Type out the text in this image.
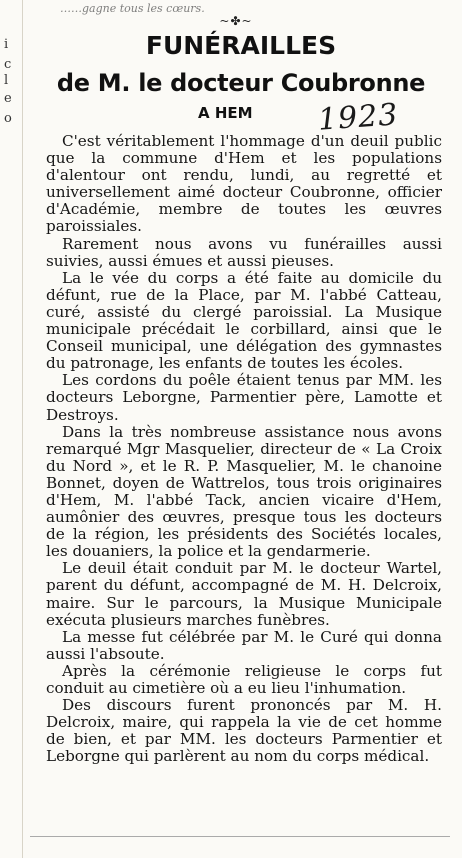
i
c
l
e
o
……gagne tous les cœurs.
~✤~
FUNÉRAILLES
de M. le docteur Coubronne
A HEM 1923

C'est véritablement l'hommage d'un deuil public que la commune d'Hem et les populations d'alentour ont rendu, lundi, au regretté et universellement aimé docteur Coubronne, officier d'Académie, membre de toutes les œuvres paroissiales.

Rarement nous avons vu funérailles aussi suivies, aussi émues et aussi pieuses.

La le vée du corps a été faite au domicile du défunt, rue de la Place, par M. l'abbé Catteau, curé, assisté du clergé paroissial. La Musique municipale précédait le corbillard, ainsi que le Conseil municipal, une délégation des gymnastes du patronage, les enfants de toutes les écoles.

Les cordons du poêle étaient tenus par MM. les docteurs Leborgne, Parmentier père, Lamotte et Destroys.

Dans la très nombreuse assistance nous avons remarqué Mgr Masquelier, directeur de « La Croix du Nord », et le R. P. Masquelier, M. le chanoine Bonnet, doyen de Wattrelos, tous trois originaires d'Hem, M. l'abbé Tack, ancien vicaire d'Hem, aumônier des œuvres, presque tous les docteurs de la région, les présidents des Sociétés locales, les douaniers, la police et la gendarmerie.

Le deuil était conduit par M. le docteur Wartel, parent du défunt, accompagné de M. H. Delcroix, maire. Sur le parcours, la Musique Municipale exécuta plusieurs marches funèbres.

La messe fut célébrée par M. le Curé qui donna aussi l'absoute.

Après la cérémonie religieuse le corps fut conduit au cimetière où a eu lieu l'inhumation.

Des discours furent prononcés par M. H. Delcroix, maire, qui rappela la vie de cet homme de bien, et par MM. les docteurs Parmentier et Leborgne qui parlèrent au nom du corps médical.
